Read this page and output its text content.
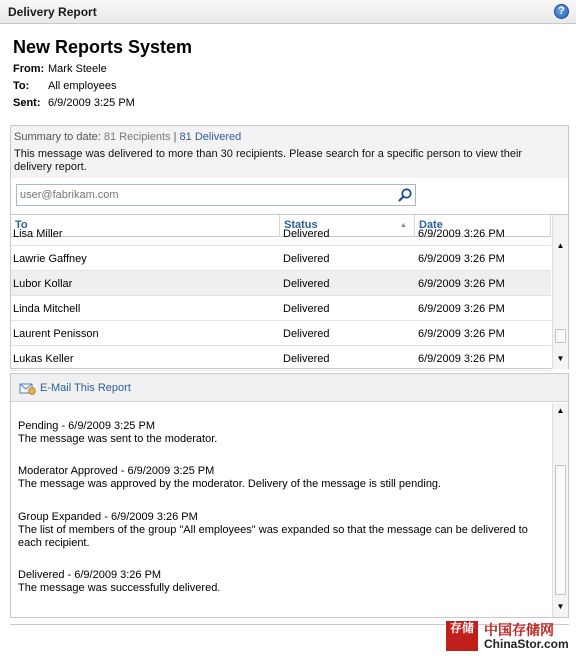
Delivery Report	?
New Reports System
From: Mark Steele
To: All employees
Sent: 6/9/2009 3:25 PM
Summary to date: 81 Recipients | 81 Delivered
This message was delivered to more than 30 recipients. Please search for a specific person to view their delivery report.
user@fabrikam.com
To	Status	▲ Date
Lisa Miller	Delivered	6/9/2009 3:26 PM
Lawrie Gaffney	Delivered	6/9/2009 3:26 PM
Lubor Kollar	Delivered	6/9/2009 3:26 PM
Linda Mitchell	Delivered	6/9/2009 3:26 PM
Laurent Penisson	Delivered	6/9/2009 3:26 PM
Lukas Keller	Delivered	6/9/2009 3:26 PM
▲
▼
E-Mail This Report
Pending - 6/9/2009 3:25 PM
The message was sent to the moderator.
Moderator Approved - 6/9/2009 3:25 PM
The message was approved by the moderator. Delivery of the message is still pending.
Group Expanded - 6/9/2009 3:26 PM
The list of members of the group "All employees" was expanded so that the message can be delivered to each recipient.
Delivered - 6/9/2009 3:26 PM
The message was successfully delivered.
▲
▼
存储 中国存储网
ChinaStor.com
